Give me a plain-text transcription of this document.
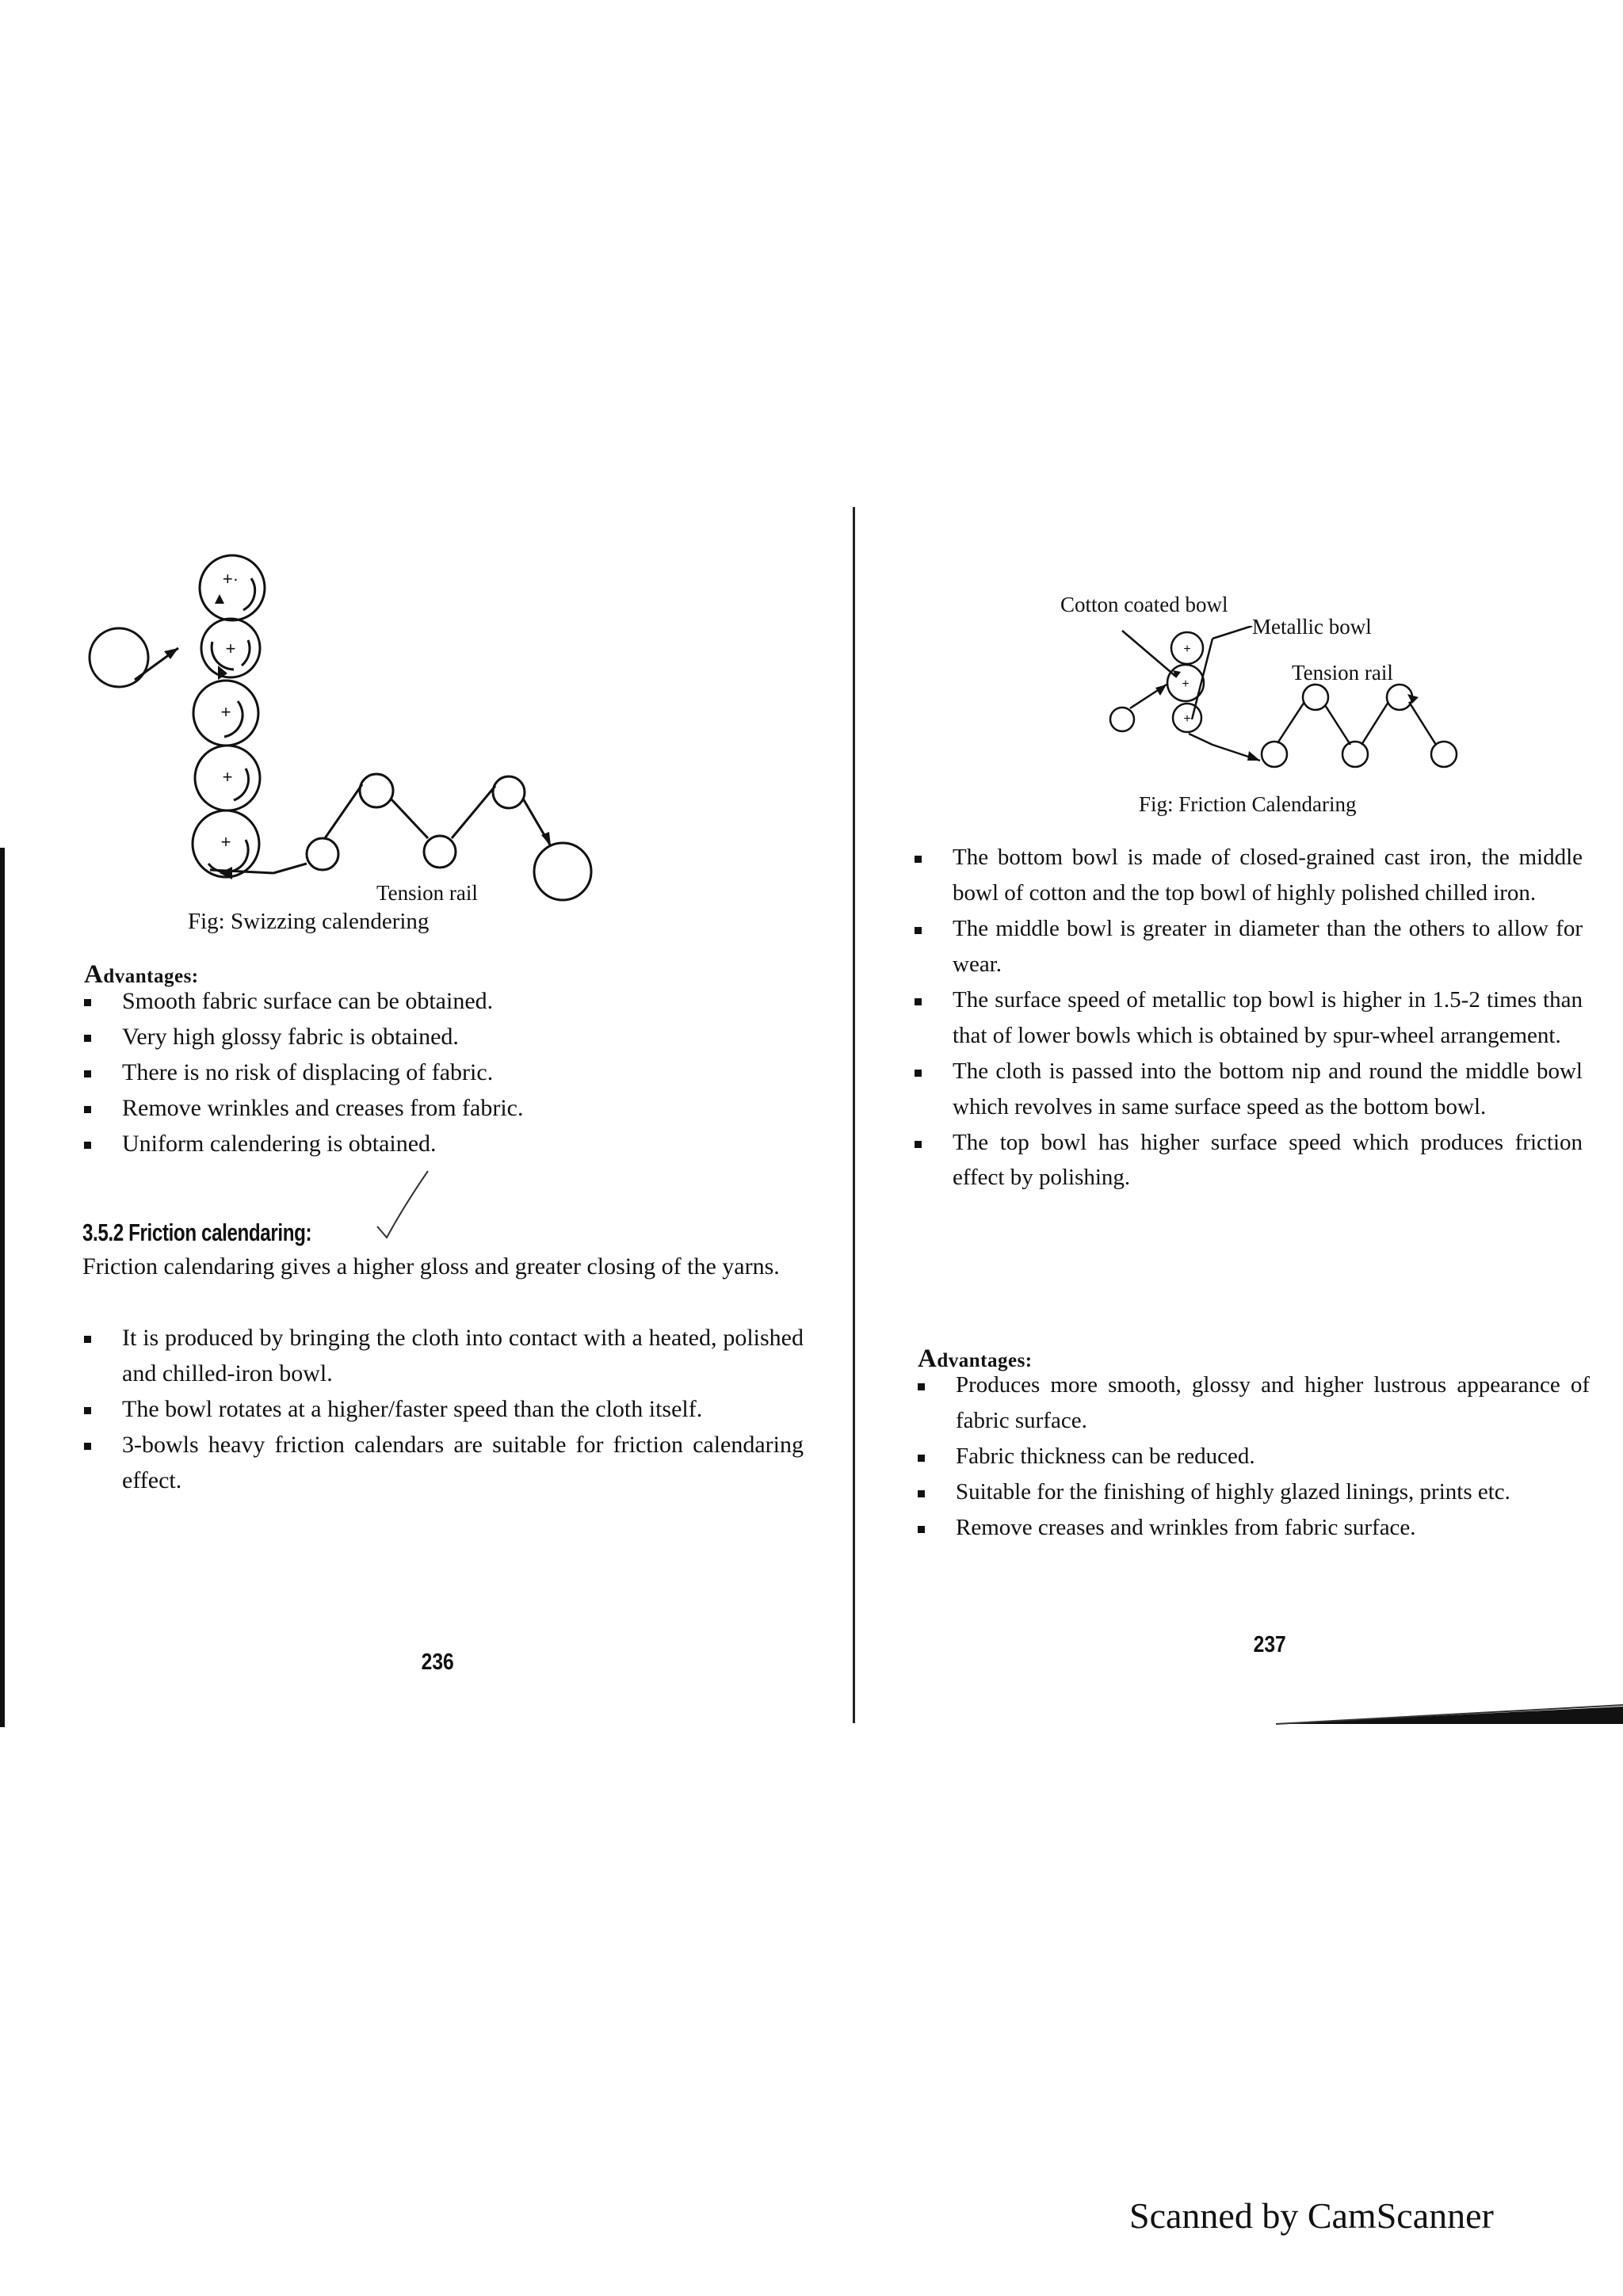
+·
+
+
+
+
Tension rail
Fig: Swizzing calendering
Advantages:
Smooth fabric surface can be obtained.
Very high glossy fabric is obtained.
There is no risk of displacing of fabric.
Remove wrinkles and creases from fabric.
Uniform calendering is obtained.
3.5.2 Friction calendaring:
Friction calendaring gives a higher gloss and greater closing of the yarns.
It is produced by bringing the cloth into contact with a heated, polished and chilled-iron bowl.
The bowl rotates at a higher/faster speed than the cloth itself.
3-bowls heavy friction calendars are suitable for friction calendaring effect.
236
Cotton coated bowl
Metallic bowl
Tension rail
+
+
+
Fig: Friction Calendaring
The bottom bowl is made of closed-grained cast iron, the middle bowl of cotton and the top bowl of highly polished chilled iron.
The middle bowl is greater in diameter than the others to allow for wear.
The surface speed of metallic top bowl is higher in 1.5-2 times than that of lower bowls which is obtained by spur-wheel arrangement.
The cloth is passed into the bottom nip and round the middle bowl which revolves in same surface speed as the bottom bowl.
The top bowl has higher surface speed which produces friction effect by polishing.
Advantages:
Produces more smooth, glossy and higher lustrous appearance of fabric surface.
Fabric thickness can be reduced.
Suitable for the finishing of highly glazed linings, prints etc.
Remove creases and wrinkles from fabric surface.
237
Scanned by CamScanner
